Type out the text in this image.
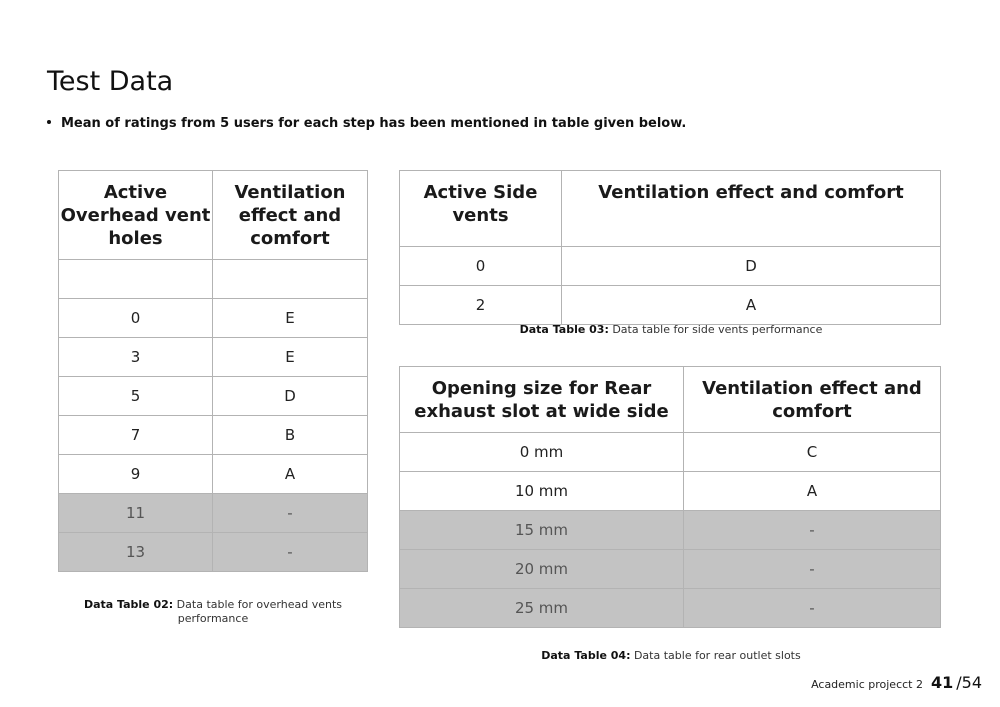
Test Data
Mean of ratings from 5 users for each step has been mentioned in table given below.
Active Overhead vent holes	Ventilation effect and comfort

0	E
3	E
5	D
7	B
9	A
11	-
13	-
Data Table 02: Data table for overhead vents performance
Active Side vents	Ventilation effect and comfort
0	D
2	A
Data Table 03: Data table for side vents performance
Opening size for Rear exhaust slot at wide side	Ventilation effect and comfort
0 mm	C
10 mm	A
15 mm	-
20 mm	-
25 mm	-
Data Table 04: Data table for rear outlet slots
Academic projecct 2 41 /54
